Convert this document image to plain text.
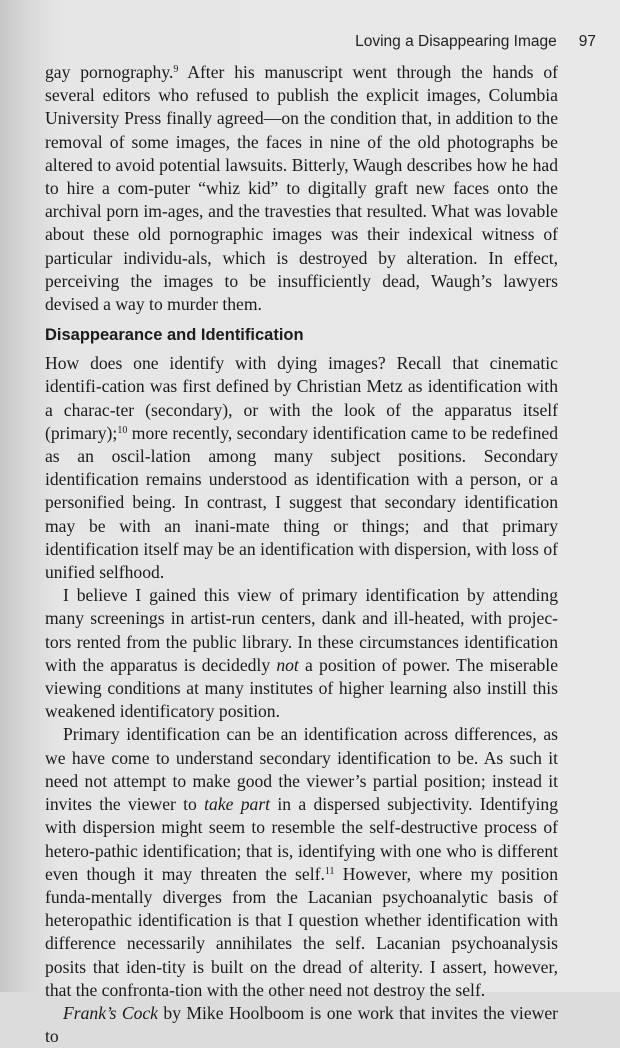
Loving a Disappearing Image 97

gay pornography.$^9$ After his manuscript went through the hands of several editors who refused to publish the explicit images, Columbia University Press finally agreed—on the condition that, in addition to the removal of some images, the faces in nine of the old photographs be altered to avoid potential lawsuits. Bitterly, Waugh describes how he had to hire a com-puter “whiz kid” to digitally graft new faces onto the archival porn im-ages, and the travesties that resulted. What was lovable about these old pornographic images was their indexical witness of particular individu-als, which is destroyed by alteration. In effect, perceiving the images to be insufficiently dead, Waugh’s lawyers devised a way to murder them.

Disappearance and Identification

How does one identify with dying images? Recall that cinematic identifi-cation was first defined by Christian Metz as identification with a charac-ter (secondary), or with the look of the apparatus itself (primary);$^{10}$ more recently, secondary identification came to be redefined as an oscil-lation among many subject positions. Secondary identification remains understood as identification with a person, or a personified being. In contrast, I suggest that secondary identification may be with an inani-mate thing or things; and that primary identification itself may be an identification with dispersion, with loss of unified selfhood.

I believe I gained this view of primary identification by attending many screenings in artist-run centers, dank and ill-heated, with projec-tors rented from the public library. In these circumstances identification with the apparatus is decidedly not a position of power. The miserable viewing conditions at many institutes of higher learning also instill this weakened identificatory position.

Primary identification can be an identification across differences, as we have come to understand secondary identification to be. As such it need not attempt to make good the viewer’s partial position; instead it invites the viewer to take part in a dispersed subjectivity. Identifying with dispersion might seem to resemble the self-destructive process of hetero-pathic identification; that is, identifying with one who is different even though it may threaten the self.$^{11}$ However, where my position funda-mentally diverges from the Lacanian psychoanalytic basis of heteropathic identification is that I question whether identification with difference necessarily annihilates the self. Lacanian psychoanalysis posits that iden-tity is built on the dread of alterity. I assert, however, that the confronta-tion with the other need not destroy the self.

Frank’s Cock by Mike Hoolboom is one work that invites the viewer to
